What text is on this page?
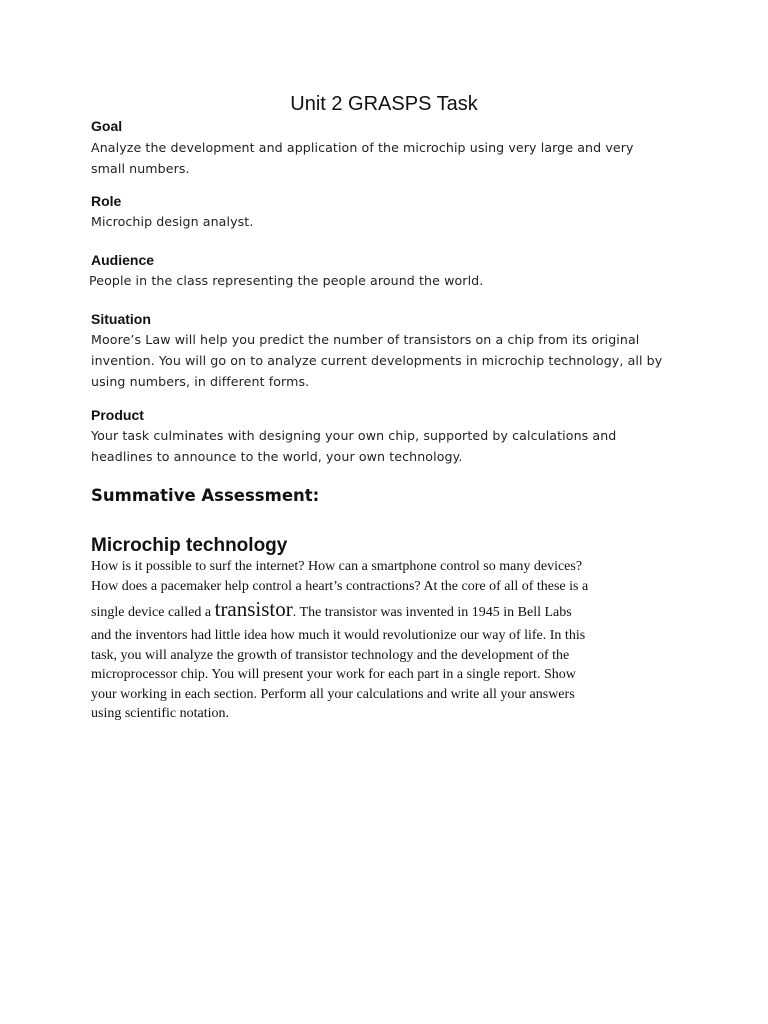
Unit 2 GRASPS Task

Goal

Analyze the development and application of the microchip using very large and very
small numbers.

Role

Microchip design analyst.

Audience

People in the class representing the people around the world.

Situation

Moore’s Law will help you predict the number of transistors on a chip from its original
invention. You will go on to analyze current developments in microchip technology, all by
using numbers, in different forms.

Product

Your task culminates with designing your own chip, supported by calculations and
headlines to announce to the world, your own technology.

Summative Assessment:
Microchip technology
How is it possible to surf the internet? How can a smartphone control so many devices?
How does a pacemaker help control a heart’s contractions? At the core of all of these is a
single device called a transistor. The transistor was invented in 1945 in Bell Labs
and the inventors had little idea how much it would revolutionize our way of life. In this
task, you will analyze the growth of transistor technology and the development of the
microprocessor chip. You will present your work for each part in a single report. Show
your working in each section. Perform all your calculations and write all your answers
using scientific notation.
